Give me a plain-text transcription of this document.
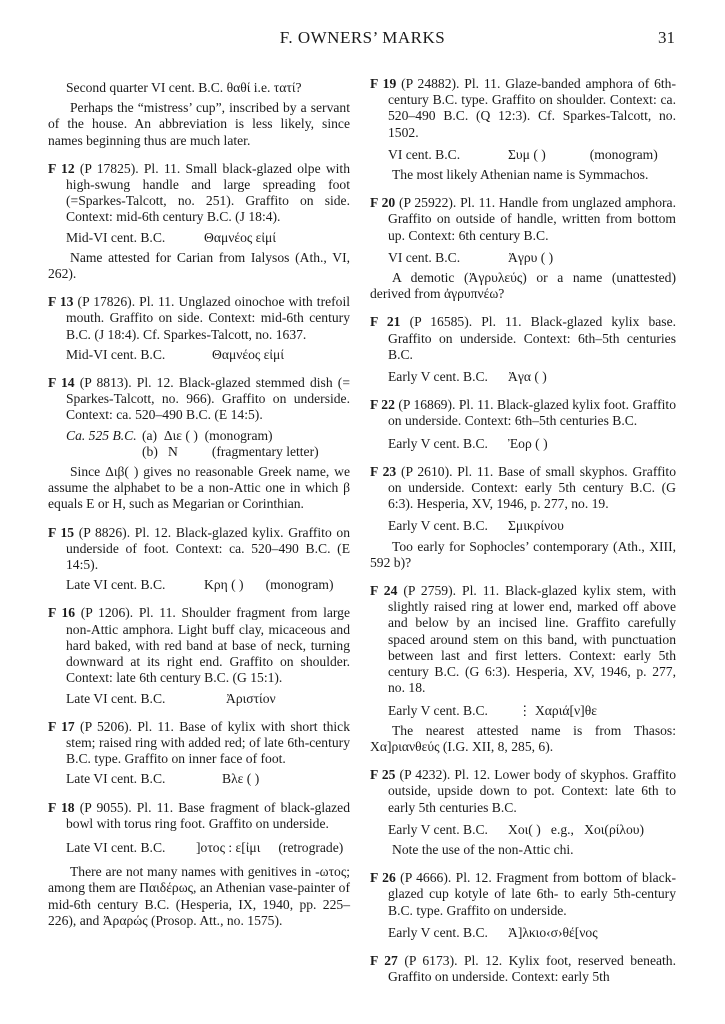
F. OWNERS’ MARKS	31
Second quarter VI cent. B.C. θαθί i.e. τατί?

Perhaps the “mistress’ cup”, inscribed by a servant of the house. An abbreviation is less likely, since names beginning thus are much later.

F 12 (P 17825). Pl. 11. Small black-glazed olpe with high-swung handle and large spreading foot (=Sparkes-Talcott, no. 251). Graffito on side. Context: mid-6th century B.C. (J 18:4).

Mid-VI cent. B.C.	Θαμνέος εἰμί

Name attested for Carian from Ialysos (Ath., VI, 262).

F 13 (P 17826). Pl. 11. Unglazed oinochoe with trefoil mouth. Graffito on side. Context: mid-6th century B.C. (J 18:4). Cf. Sparkes-Talcott, no. 1637.

Mid-VI cent. B.C.	Θαμνέος εἰμί

F 14 (P 8813). Pl. 12. Black-glazed stemmed dish (= Sparkes-Talcott, no. 966). Graffito on underside. Context: ca. 520–490 B.C. (E 14:5).

Ca. 525 B.C. (a)  Διε ( )  (monogram)
(b)   Ν          (fragmentary letter)

Since Διβ( ) gives no reasonable Greek name, we assume the alphabet to be a non-Attic one in which β equals E or H, such as Megarian or Corinthian.

F 15 (P 8826). Pl. 12. Black-glazed kylix. Graffito on underside of foot. Context: ca. 520–490 B.C. (E 14:5).

Late VI cent. B.C.	Κρη ( ) (monogram)

F 16 (P 1206). Pl. 11. Shoulder fragment from large non-Attic amphora. Light buff clay, micaceous and hard baked, with red band at base of neck, turning downward at its right end. Graffito on shoulder. Context: late 6th century B.C. (G 15:1).

Late VI cent. B.C.	Ἀριστίον

F 17 (P 5206). Pl. 11. Base of kylix with short thick stem; raised ring with added red; of late 6th-century B.C. type. Graffito on inner face of foot.

Late VI cent. B.C.	Βλε ( )

F 18 (P 9055). Pl. 11. Base fragment of black-glazed bowl with torus ring foot. Graffito on underside.

Late VI cent. B.C.	]οτος : ε[ἰμι (retrograde)

There are not many names with genitives in -ωτος; among them are Παιδέρως, an Athenian vase-painter of mid-6th century B.C. (Hesperia, IX, 1940, pp. 225–226), and Ἀραρώς (Prosop. Att., no. 1575).

F 19 (P 24882). Pl. 11. Glaze-banded amphora of 6th-century B.C. type. Graffito on shoulder. Context: ca. 520–490 B.C. (Q 12:3). Cf. Sparkes-Talcott, no. 1502.

VI cent. B.C.	Συμ ( )	(monogram)

The most likely Athenian name is Symmachos.

F 20 (P 25922). Pl. 11. Handle from unglazed amphora. Graffito on outside of handle, written from bottom up. Context: 6th century B.C.

VI cent. B.C.	Ἀγρυ ( )

A demotic (Ἀγρυλεύς) or a name (unattested) derived from ἀγρυπνέω?

F 21 (P 16585). Pl. 11. Black-glazed kylix base. Graffito on underside. Context: 6th–5th centuries B.C.

Early V cent. B.C.	Ἀγα ( )

F 22 (P 16869). Pl. 11. Black-glazed kylix foot. Graffito on underside. Context: 6th–5th centuries B.C.

Early V cent. B.C.	Ἐορ ( )

F 23 (P 2610). Pl. 11. Base of small skyphos. Graffito on underside. Context: early 5th century B.C. (G 6:3). Hesperia, XV, 1946, p. 277, no. 19.

Early V cent. B.C.	Σμικρίνου

Too early for Sophocles’ contemporary (Ath., XIII, 592 b)?

F 24 (P 2759). Pl. 11. Black-glazed kylix stem, with slightly raised ring at lower end, marked off above and below by an incised line. Graffito carefully spaced around stem on this band, with punctuation between last and first letters. Context: early 5th century B.C. (G 6:3). Hesperia, XV, 1946, p. 277, no. 18.

Early V cent. B.C.	⋮ Χαριά[ν]θε

The nearest attested name is from Thasos: Χα]ριανθεύς (I.G. XII, 8, 285, 6).

F 25 (P 4232). Pl. 12. Lower body of skyphos. Graffito outside, upside down to pot. Context: late 6th to early 5th centuries B.C.

Early V cent. B.C.	Χοι( )   e.g.,   Χοι(ρίλου)

Note the use of the non-Attic chi.

F 26 (P 4666). Pl. 12. Fragment from bottom of black-glazed cup kotyle of late 6th- to early 5th-century B.C. type. Graffito on underside.

Early V cent. B.C.	Ἀ]λκιο‹σ›θέ[νος

F 27 (P 6173). Pl. 12. Kylix foot, reserved beneath. Graffito on underside. Context: early 5th
